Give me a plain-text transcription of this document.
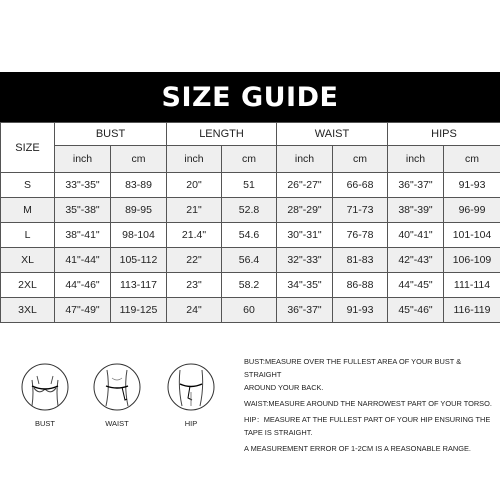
SIZE GUIDE
SIZE	BUST		LENGTH		WAIST		HIPS	
	inch	cm	inch	cm	inch	cm	inch	cm
S	33"-35"	83-89	20"	51	26"-27"	66-68	36"-37"	91-93
M	35"-38"	89-95	21"	52.8	28"-29"	71-73	38"-39"	96-99
L	38"-41"	98-104	21.4"	54.6	30"-31"	76-78	40"-41"	101-104
XL	41"-44"	105-112	22"	56.4	32"-33"	81-83	42"-43"	106-109
2XL	44"-46"	113-117	23"	58.2	34"-35"	86-88	44"-45"	111-114
3XL	47"-49"	119-125	24"	60	36"-37"	91-93	45"-46"	116-119
BUST	WAIST	HIP
BUST:MEASURE OVER THE FULLEST AREA OF YOUR BUST & STRAIGHT
AROUND YOUR BACK.
WAIST:MEASURE AROUND THE NARROWEST PART OF YOUR TORSO.
HIP：MEASURE AT THE FULLEST PART OF YOUR HIP ENSURING THE
TAPE IS STRAIGHT.
A MEASUREMENT ERROR OF 1-2CM IS A REASONABLE RANGE.
